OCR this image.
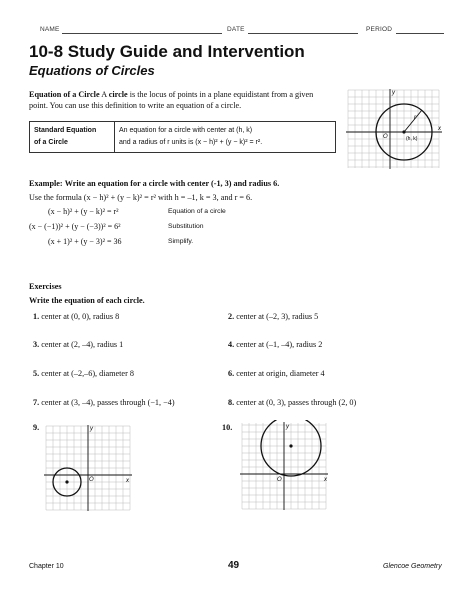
NAME	DATE	PERIOD
10-8 Study Guide and Intervention
Equations of Circles
Equation of a Circle A circle is the locus of points in a plane equidistant from a given
point. You can use this definition to write an equation of a circle.
Standard Equation
of a Circle	An equation for a circle with center at (h, k)
and a radius of r units is (x − h)² + (y − k)² = r².
y
x
O
r
(h, k)
Example: Write an equation for a circle with center (-1, 3) and radius 6.
Use the formula (x − h)² + (y − k)² = r² with h = –1, k = 3, and r = 6.
(x − h)² + (y − k)² = r²	Equation of a circle
(x − (−1))² + (y − (−3))² = 6²	Substitution
(x + 1)² + (y − 3)² = 36	Simplify.
Exercises
Write the equation of each circle.
1. center at (0, 0), radius 8	2. center at (–2, 3), radius 5
3. center at (2, –4), radius 1	4. center at (–1, –4), radius 2
5. center at (–2,–6), diameter 8	6. center at origin, diameter 4
7. center at (3, –4), passes through (−1, −4)	8. center at (0, 3), passes through (2, 0)
9.	y
x
O
10.	y
x
O
Chapter 10	49	Glencoe Geometry
